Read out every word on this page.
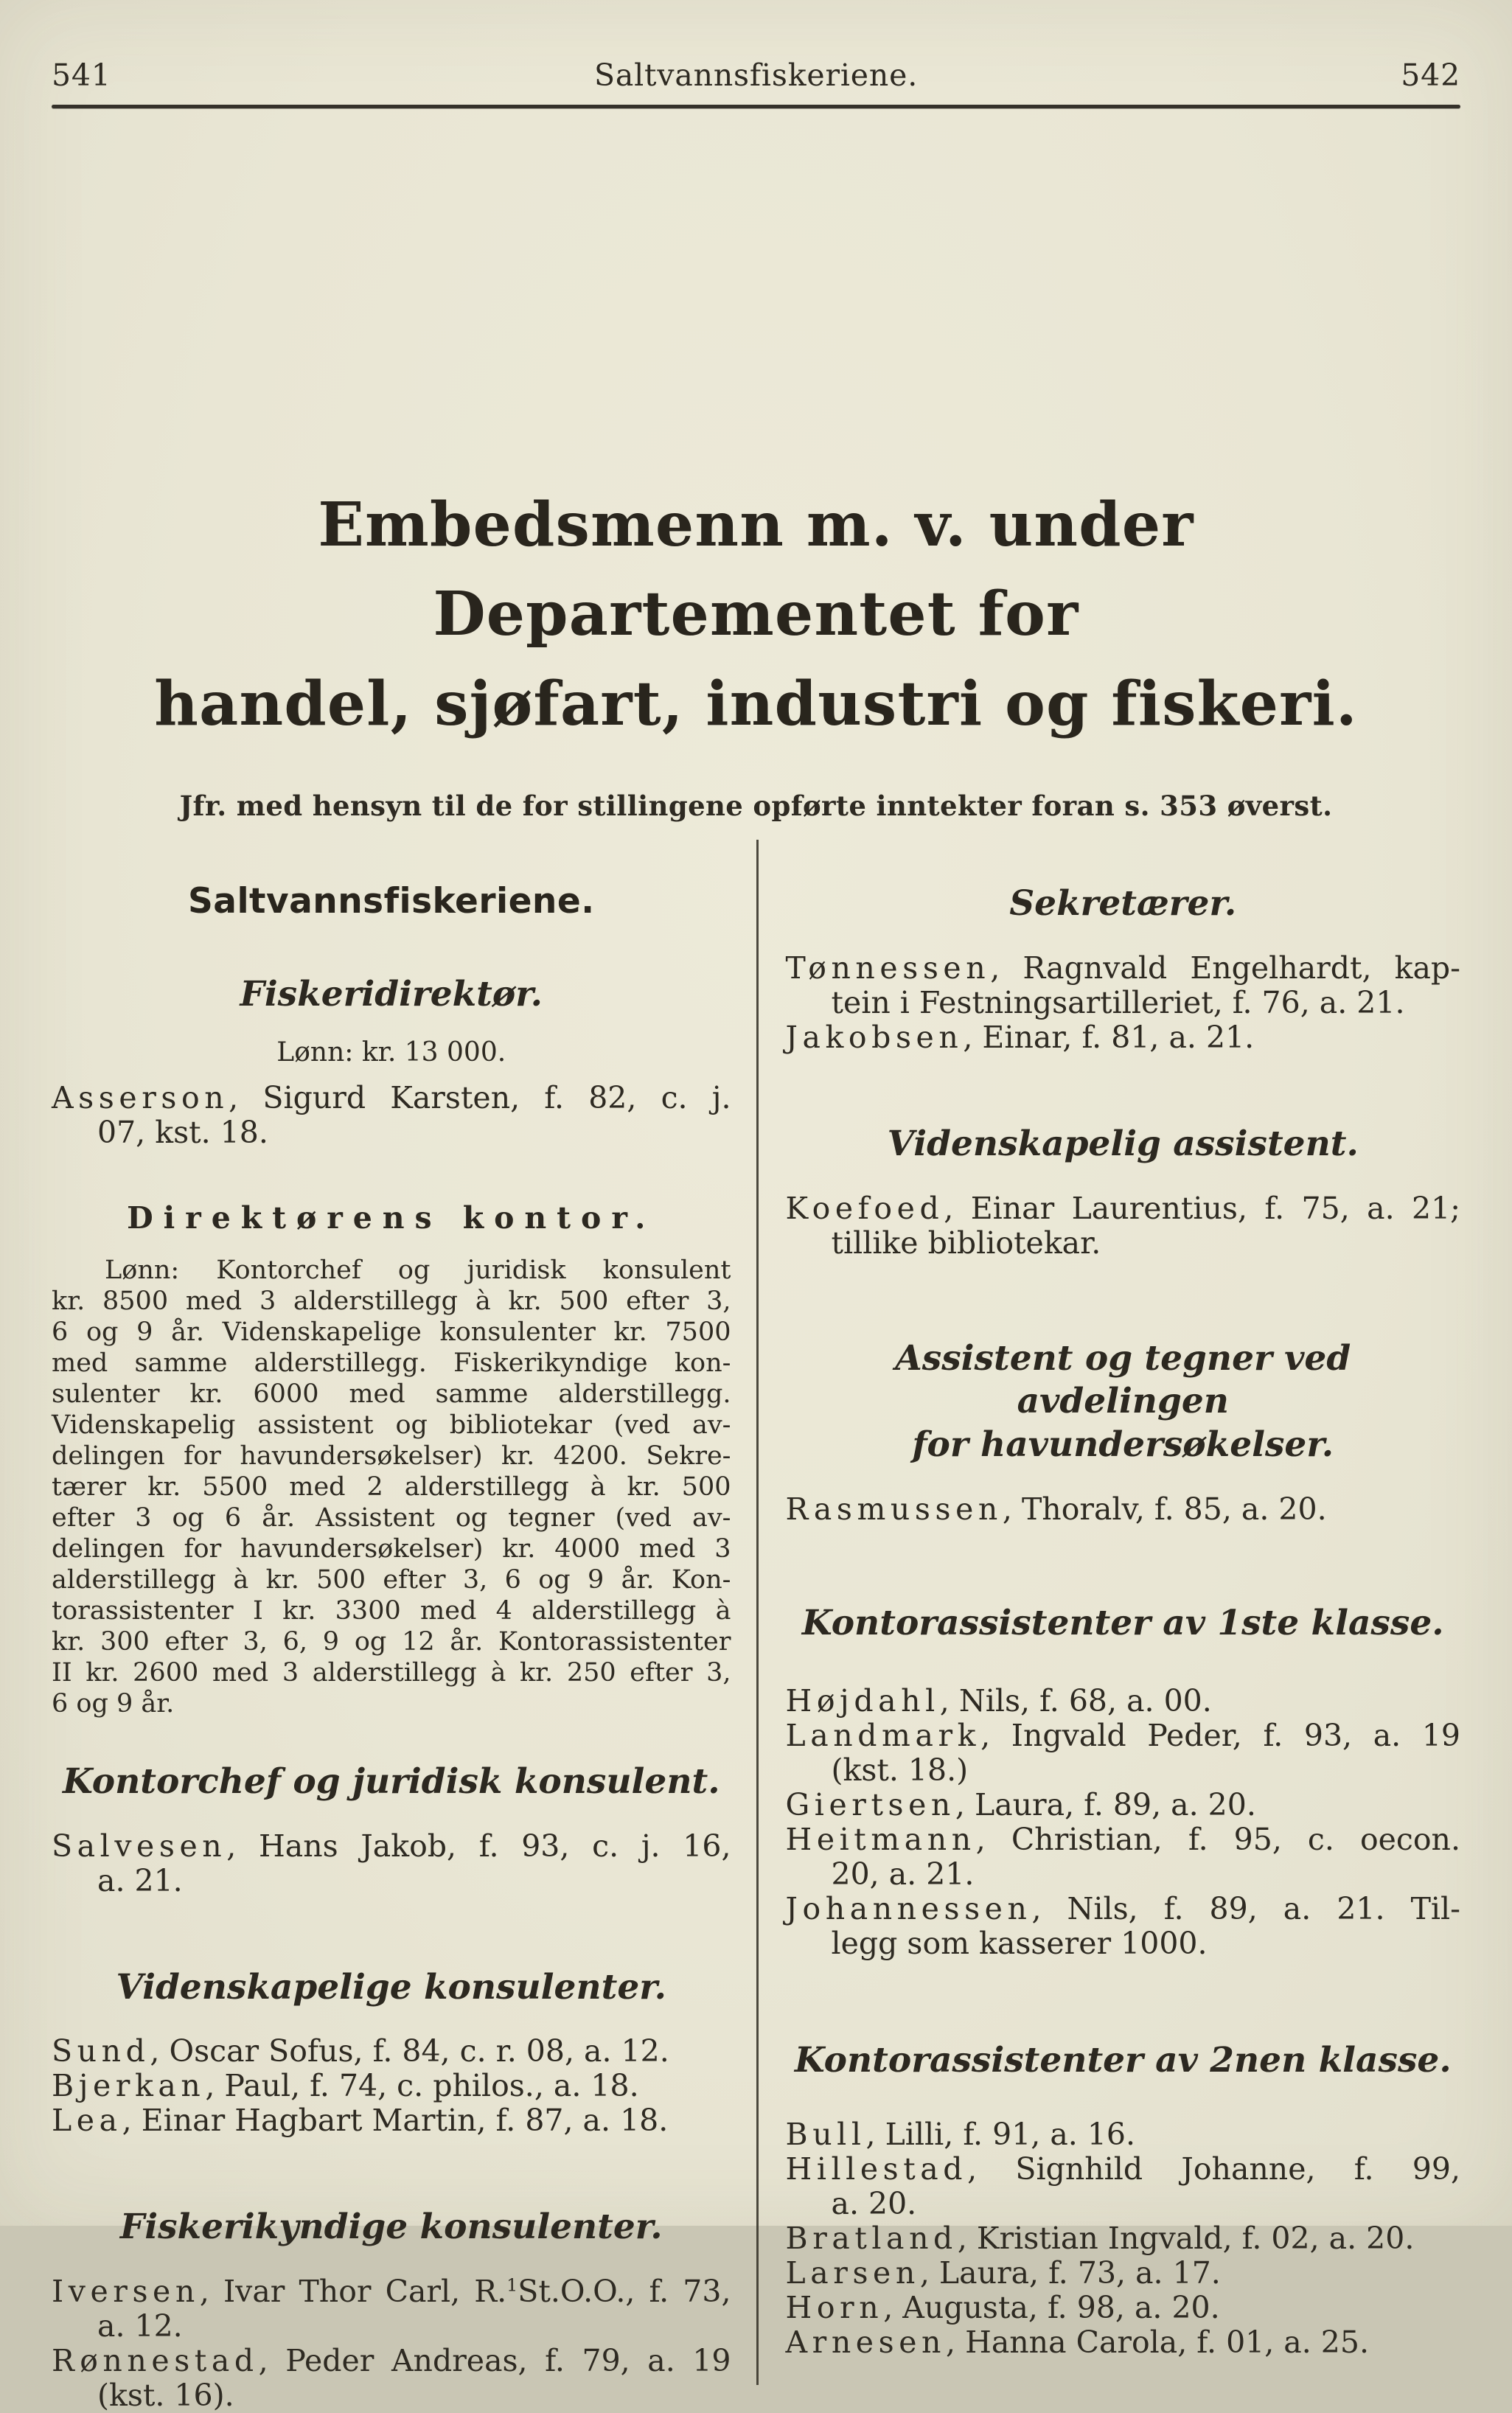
541	Saltvannsfiskeriene.	542
Embedsmenn m. v. under Departementet for
handel, sjøfart, industri og fiskeri.
Jfr. med hensyn til de for stillingene opførte inntekter foran s. 353 øverst.
Saltvannsfiskeriene.
Fiskeridirektør.
Lønn: kr. 13 000.

Asserson, Sigurd Karsten, f. 82, c. j.
07, kst. 18.

Direktørens kontor.
Lønn: Kontorchef og juridisk konsulent
kr. 8500 med 3 alderstillegg à kr. 500 efter 3,
6 og 9 år. Videnskapelige konsulenter kr. 7500
med samme alderstillegg. Fiskerikyndige kon-
sulenter kr. 6000 med samme alderstillegg.
Videnskapelig assistent og bibliotekar (ved av-
delingen for havundersøkelser) kr. 4200. Sekre-
tærer kr. 5500 med 2 alderstillegg à kr. 500
efter 3 og 6 år. Assistent og tegner (ved av-
delingen for havundersøkelser) kr. 4000 med 3
alderstillegg à kr. 500 efter 3, 6 og 9 år. Kon-
torassistenter I kr. 3300 med 4 alderstillegg à
kr. 300 efter 3, 6, 9 og 12 år. Kontorassistenter
II kr. 2600 med 3 alderstillegg à kr. 250 efter 3,
6 og 9 år.
Kontorchef og juridisk konsulent.

Salvesen, Hans Jakob, f. 93, c. j. 16,
a. 21.

Videnskapelige konsulenter.

Sund, Oscar Sofus, f. 84, c. r. 08, a. 12.

Bjerkan, Paul, f. 74, c. philos., a. 18.

Lea, Einar Hagbart Martin, f. 87, a. 18.

Fiskerikyndige konsulenter.

Iversen, Ivar Thor Carl, R.$^1$St.O.O., f. 73,
a. 12.

Rønnestad, Peder Andreas, f. 79, a. 19
(kst. 16).

Sekretærer.

Tønnessen, Ragnvald Engelhardt, kap-
tein i Festningsartilleriet, f. 76, a. 21.

Jakobsen, Einar, f. 81, a. 21.

Videnskapelig assistent.

Koefoed, Einar Laurentius, f. 75, a. 21;
tillike bibliotekar.

Assistent og tegner ved avdelingen
for havundersøkelser.

Rasmussen, Thoralv, f. 85, a. 20.

Kontorassistenter av 1ste klasse.

Højdahl, Nils, f. 68, a. 00.

Landmark, Ingvald Peder, f. 93, a. 19
(kst. 18.)

Giertsen, Laura, f. 89, a. 20.

Heitmann, Christian, f. 95, c. oecon.
20, a. 21.

Johannessen, Nils, f. 89, a. 21. Til-
legg som kasserer 1000.

Kontorassistenter av 2nen klasse.

Bull, Lilli, f. 91, a. 16.

Hillestad, Signhild Johanne, f. 99,
a. 20.

Bratland, Kristian Ingvald, f. 02, a. 20.

Larsen, Laura, f. 73, a. 17.

Horn, Augusta, f. 98, a. 20.

Arnesen, Hanna Carola, f. 01, a. 25.
